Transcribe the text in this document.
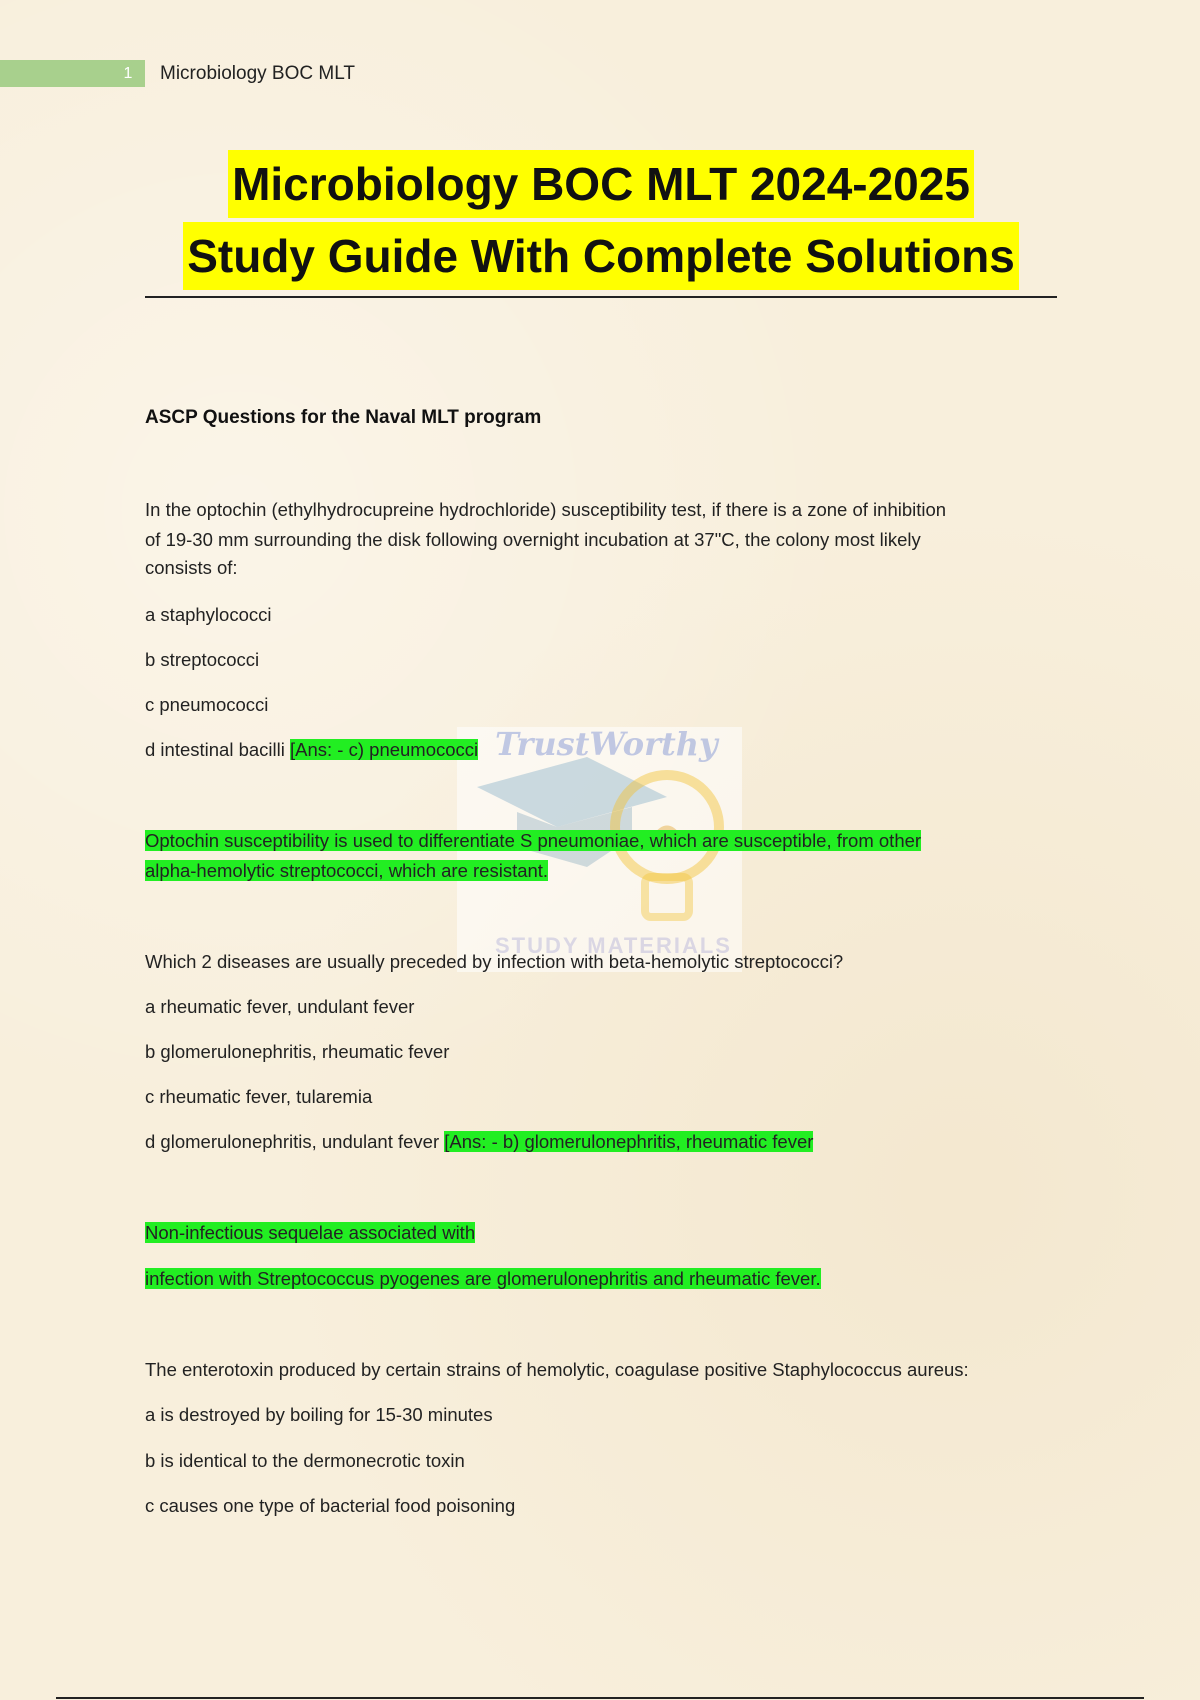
1 Microbiology BOC MLT
Microbiology BOC MLT 2024-2025
Study Guide With Complete Solutions
ASCP Questions for the Naval MLT program
TrustWorthy
STUDY MATERIALS
In the optochin (ethylhydrocupreine hydrochloride) susceptibility test, if there is a zone of inhibition
of 19-30 mm surrounding the disk following overnight incubation at 37"C, the colony most likely
consists of:
a staphylococci
b streptococci
c pneumococci
d intestinal bacilli [Ans: - c) pneumococci
Optochin susceptibility is used to differentiate S pneumoniae, which are susceptible, from other
alpha-hemolytic streptococci, which are resistant.
Which 2 diseases are usually preceded by infection with beta-hemolytic streptococci?
a rheumatic fever, undulant fever
b glomerulonephritis, rheumatic fever
c rheumatic fever, tularemia
d glomerulonephritis, undulant fever [Ans: - b) glomerulonephritis, rheumatic fever
Non-infectious sequelae associated with
infection with Streptococcus pyogenes are glomerulonephritis and rheumatic fever.
The enterotoxin produced by certain strains of hemolytic, coagulase positive Staphylococcus aureus:
a is destroyed by boiling for 15-30 minutes
b is identical to the dermonecrotic toxin
c causes one type of bacterial food poisoning
